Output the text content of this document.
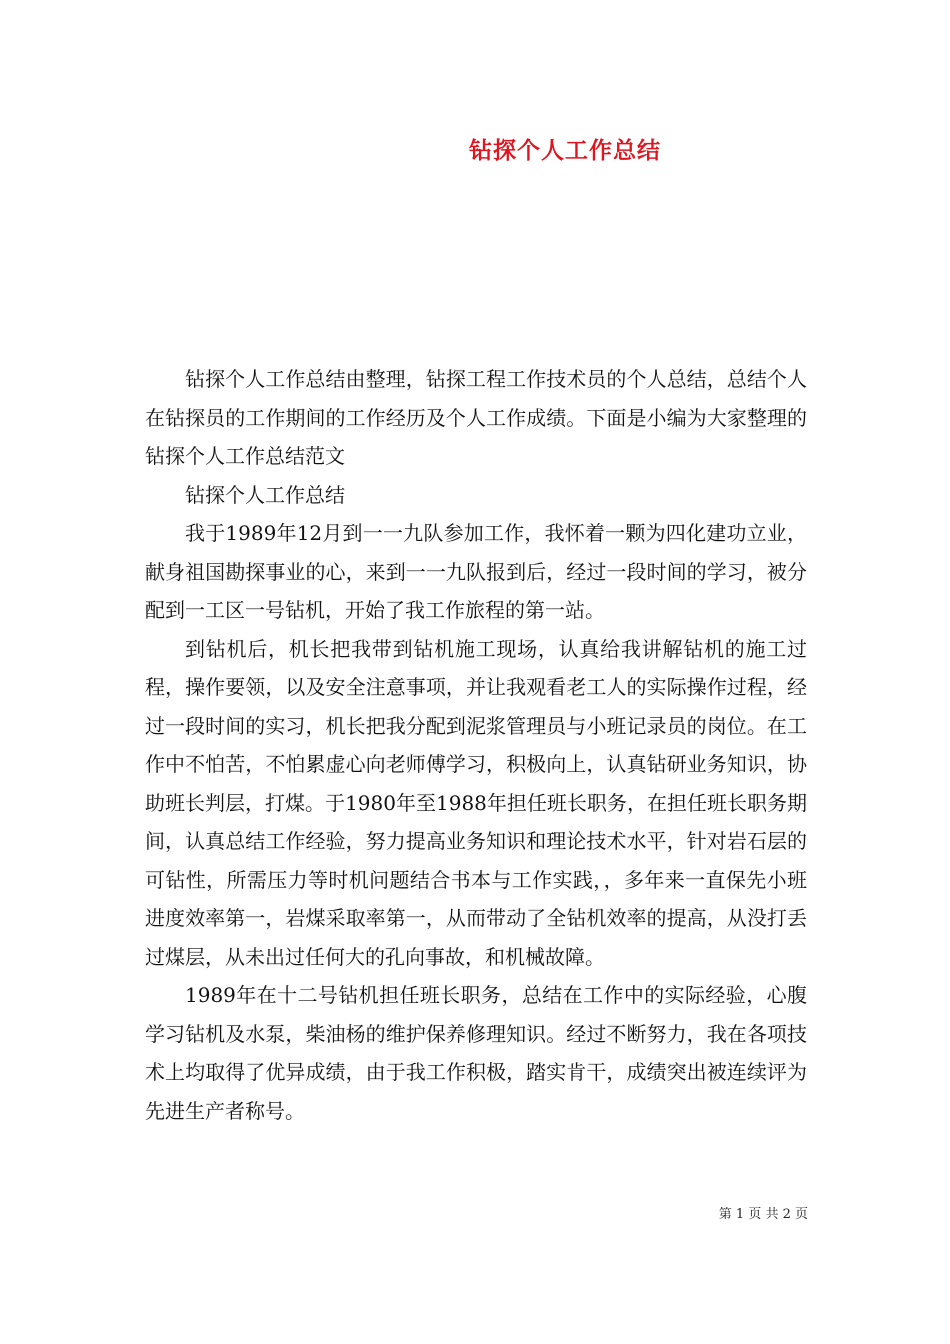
钻探个人工作总结

钻探个人工作总结由整理，钻探工程工作技术员的个人总结，总结个人在钻探员的工作期间的工作经历及个人工作成绩。下面是小编为大家整理的钻探个人工作总结范文

钻探个人工作总结

我于1989年12月到一一九队参加工作，我怀着一颗为四化建功立业，献身祖国勘探事业的心，来到一一九队报到后，经过一段时间的学习，被分配到一工区一号钻机，开始了我工作旅程的第一站。

到钻机后，机长把我带到钻机施工现场，认真给我讲解钻机的施工过程，操作要领，以及安全注意事项，并让我观看老工人的实际操作过程，经过一段时间的实习，机长把我分配到泥浆管理员与小班记录员的岗位。在工作中不怕苦，不怕累虚心向老师傅学习，积极向上，认真钻研业务知识，协助班长判层，打煤。于1980年至1988年担任班长职务，在担任班长职务期间，认真总结工作经验，努力提高业务知识和理论技术水平，针对岩石层的可钻性，所需压力等时机问题结合书本与工作实践，，多年来一直保先小班进度效率第一，岩煤采取率第一，从而带动了全钻机效率的提高，从没打丢过煤层，从未出过任何大的孔向事故，和机械故障。

1989年在十二号钻机担任班长职务，总结在工作中的实际经验，心腹学习钻机及水泵，柴油杨的维护保养修理知识。经过不断努力，我在各项技术上均取得了优异成绩，由于我工作积极，踏实肯干，成绩突出被连续评为先进生产者称号。

第 1 页 共 2 页
